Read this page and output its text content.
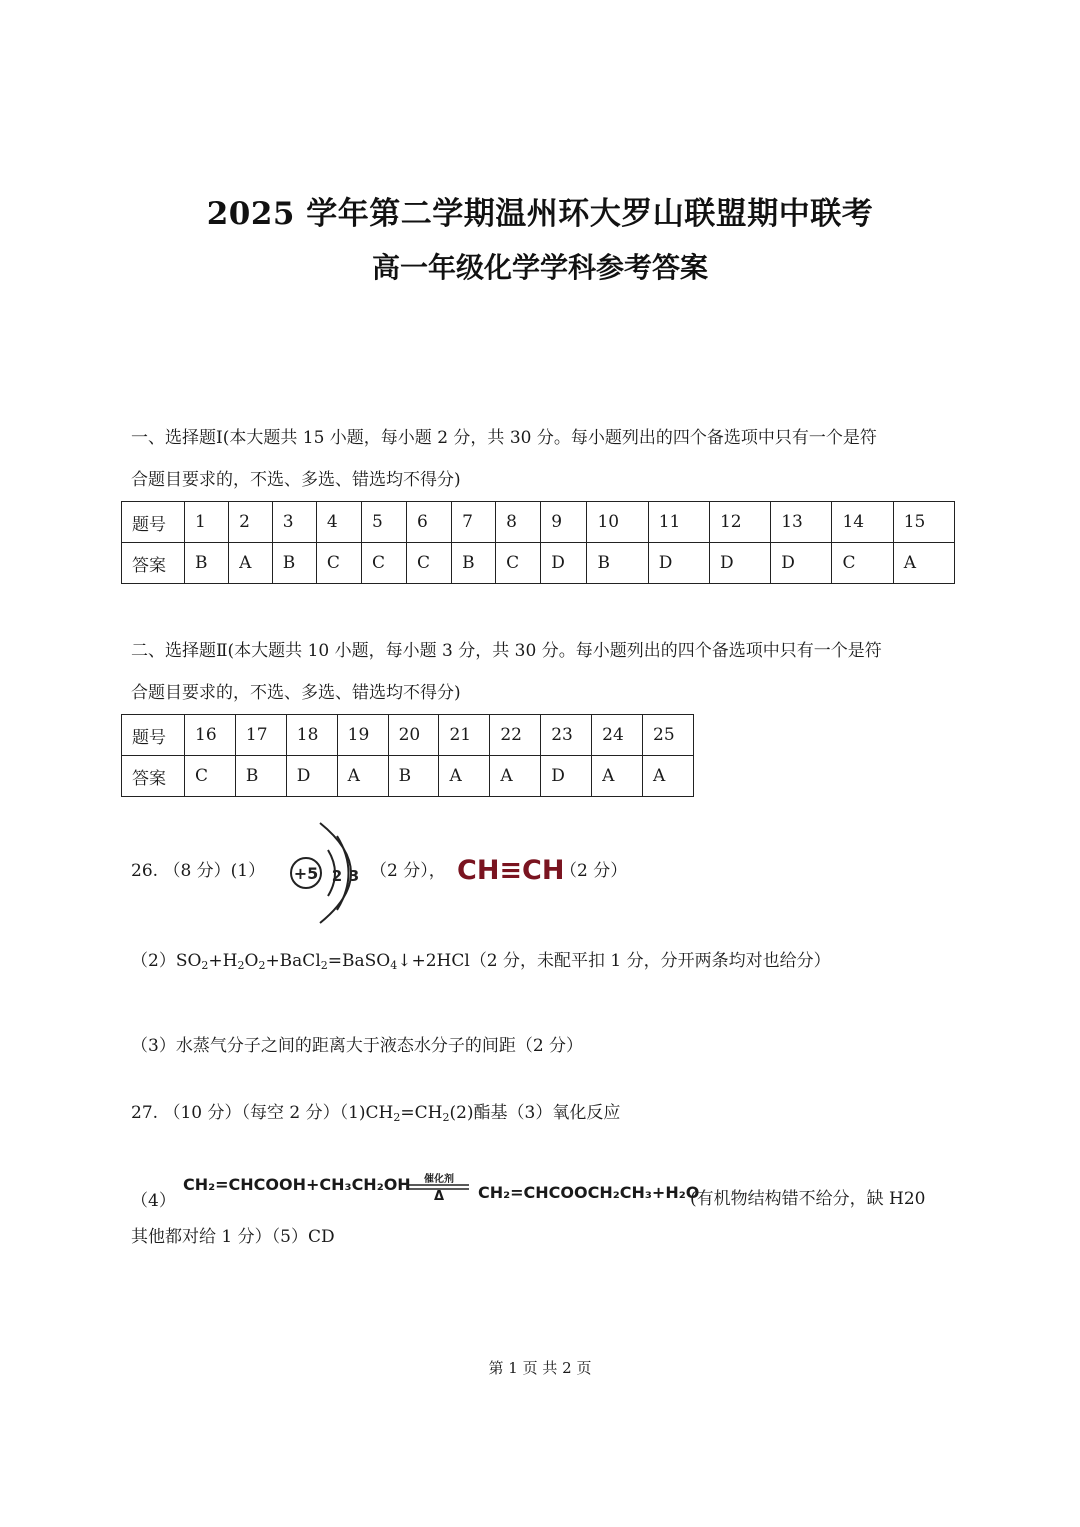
2025 学年第二学期温州环大罗山联盟期中联考
高一年级化学学科参考答案
一、选择题Ⅰ(本大题共 15 小题，每小题 2 分，共 30 分。每小题列出的四个备选项中只有一个是符
合题目要求的，不选、多选、错选均不得分)
题号	1	2	3	4	5	6	7	8	9	10	11	12	13	14	15
答案	B	A	B	C	C	C	B	C	D	B	D	D	D	C	A
二、选择题Ⅱ(本大题共 10 小题，每小题 3 分，共 30 分。每小题列出的四个备选项中只有一个是符
合题目要求的，不选、多选、错选均不得分)
题号	16	17	18	19	20	21	22	23	24	25
答案	C	B	D	A	B	A	A	D	A	A
26. （8 分）(1） +5 2 3 （2 分）， CH≡CH
（2 分）
$(2)SO_2+H_2O_2+BaCl_2=BaSO_4↓+2HCl(2$ 分，未配平扣 1 分，分开两条均对也给分）
（3）水蒸气分子之间的距离大于液态水分子的间距（2 分）
27. （10 分）（每空 2 分）$(1)CH_2=CH_2(2)$酯基（3）氧化反应
（4）
CH₂=CHCOOH+CH₃CH₂OH	催化剂
Δ	CH₂=CHCOOCH₂CH₃+H₂O
(有机物结构错不给分，缺 H20
其他都对给 1 分）（5）CD
第 1 页 共 2 页
